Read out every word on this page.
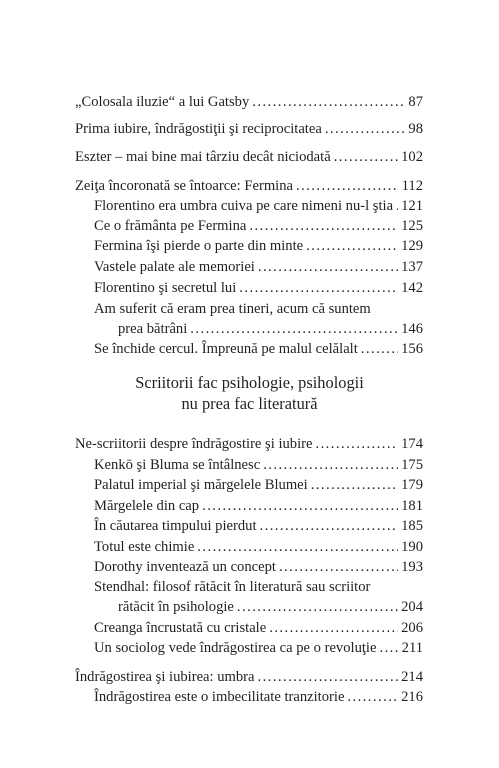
„Colosala iluzie“ a lui Gatsby . . .	87
Prima iubire, îndrăgostiţii şi reciprocitatea . . .	98
Eszter – mai bine mai târziu decât niciodată . . .	102
Zeiţa încoronată se întoarce: Fermina . . .	112
Florentino era umbra cuiva pe care nimeni nu-l ştia . . . 121
Ce o frământa pe Fermina . . .	125
Fermina îşi pierde o parte din minte . . .	129
Vastele palate ale memoriei . . .	137
Florentino şi secretul lui . . .	142
Am suferit că eram prea tineri, acum că suntem
prea bătrâni . . .	146
Se închide cercul. Împreună pe malul celălalt . . .	156
Scriitorii fac psihologie, psihologii
nu prea fac literatură
Ne-scriitorii despre îndrăgostire şi iubire . . .	174
Kenkō şi Bluma se întâlnesc . . .	175
Palatul imperial şi mărgelele Blumei . . .	179
Mărgelele din cap . . .	181
În căutarea timpului pierdut . . .	185
Totul este chimie . . .	190
Dorothy inventează un concept . . .	193
Stendhal: filosof rătăcit în literatură sau scriitor
rătăcit în psihologie . . .	204
Creanga încrustată cu cristale . . .	206
Un sociolog vede îndrăgostirea ca pe o revoluţie . . . 211
Îndrăgostirea şi iubirea: umbra . . .	214
Îndrăgostirea este o imbecilitate tranzitorie . . .	216
